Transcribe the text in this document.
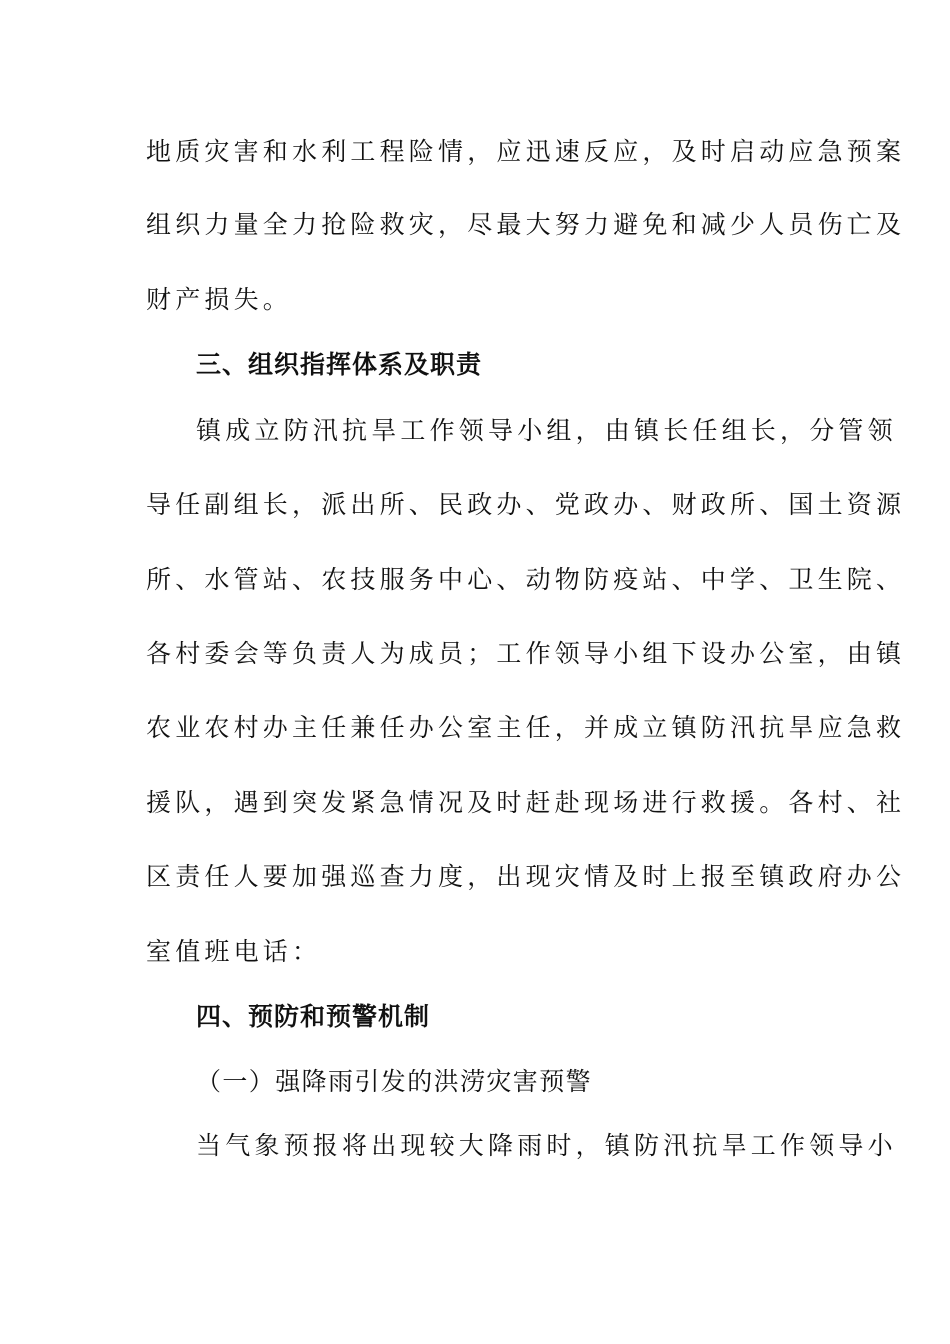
地质灾害和水利工程险情，应迅速反应，及时启动应急预案
组织力量全力抢险救灾，尽最大努力避免和减少人员伤亡及
财产损失。
三、组织指挥体系及职责
镇成立防汛抗旱工作领导小组，由镇长任组长，分管领
导任副组长，派出所、民政办、党政办、财政所、国土资源
所、水管站、农技服务中心、动物防疫站、中学、卫生院、
各村委会等负责人为成员；工作领导小组下设办公室，由镇
农业农村办主任兼任办公室主任，并成立镇防汛抗旱应急救
援队，遇到突发紧急情况及时赶赴现场进行救援。各村、社
区责任人要加强巡查力度，出现灾情及时上报至镇政府办公
室值班电话：
四、预防和预警机制
（一）强降雨引发的洪涝灾害预警
当气象预报将出现较大降雨时，镇防汛抗旱工作领导小
